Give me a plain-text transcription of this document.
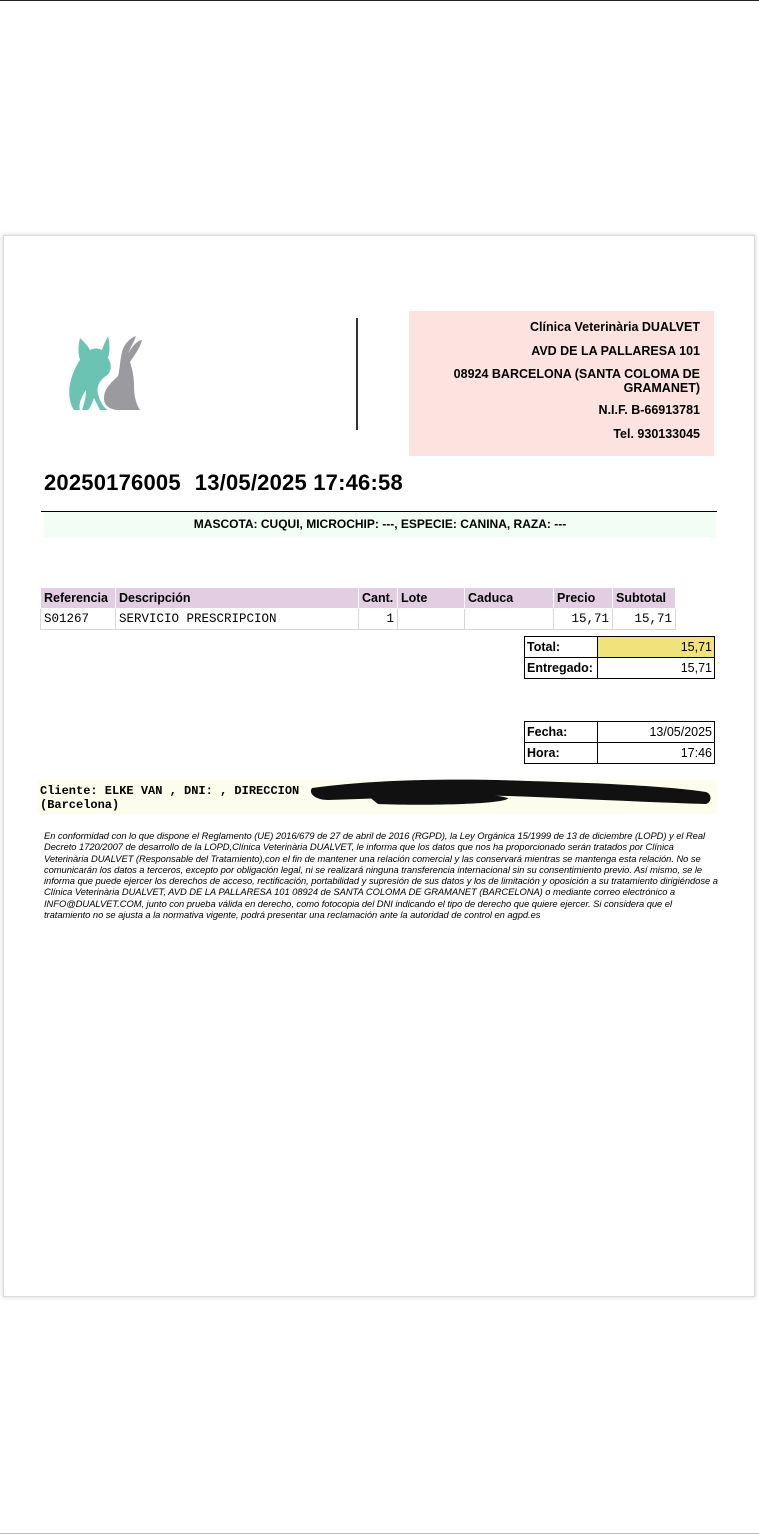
Clínica Veterinària DUALVET
AVD DE LA PALLARESA 101
08924 BARCELONA (SANTA COLOMA DE
GRAMANET)
N.I.F. B-66913781
Tel. 930133045
20250176005 13/05/2025 17:46:58
MASCOTA: CUQUI, MICROCHIP: ---, ESPECIE: CANINA, RAZA: ---
Referencia	Descripción	Cant.	Lote	Caduca	Precio	Subtotal
S01267	SERVICIO PRESCRIPCION	1			15,71	15,71
Total:	15,71
Entregado:	15,71
Fecha:	13/05/2025
Hora:	17:46
Cliente: ELKE VAN , DNI: , DIRECCION
(Barcelona)
En conformidad con lo que dispone el Reglamento (UE) 2016/679 de 27 de abril de 2016 (RGPD), la Ley Orgánica 15/1999 de 13 de diciembre (LOPD) y el Real Decreto 1720/2007 de desarrollo de la LOPD,Clínica Veterinària DUALVET, le informa que los datos que nos ha proporcionado serán tratados por Clínica Veterinària DUALVET (Responsable del Tratamiento),con el fin de mantener una relación comercial y las conservará mientras se mantenga esta relación. No se comunicarán los datos a terceros, excepto por obligación legal, ni se realizará ninguna transferencia internacional sin su consentimiento previo. Así mismo, se le informa que puede ejercer los derechos de acceso, rectificación, portabilidad y supresión de sus datos y los de limitación y oposición a su tratamiento dirigiéndose a Clínica Veterinària DUALVET, AVD DE LA PALLARESA 101 08924 de SANTA COLOMA DE GRAMANET (BARCELONA) o mediante correo electrónico a INFO@DUALVET.COM, junto con prueba válida en derecho, como fotocopia del DNI indicando el tipo de derecho que quiere ejercer. Si considera que el tratamiento no se ajusta a la normativa vigente, podrá presentar una reclamación ante la autoridad de control en agpd.es
